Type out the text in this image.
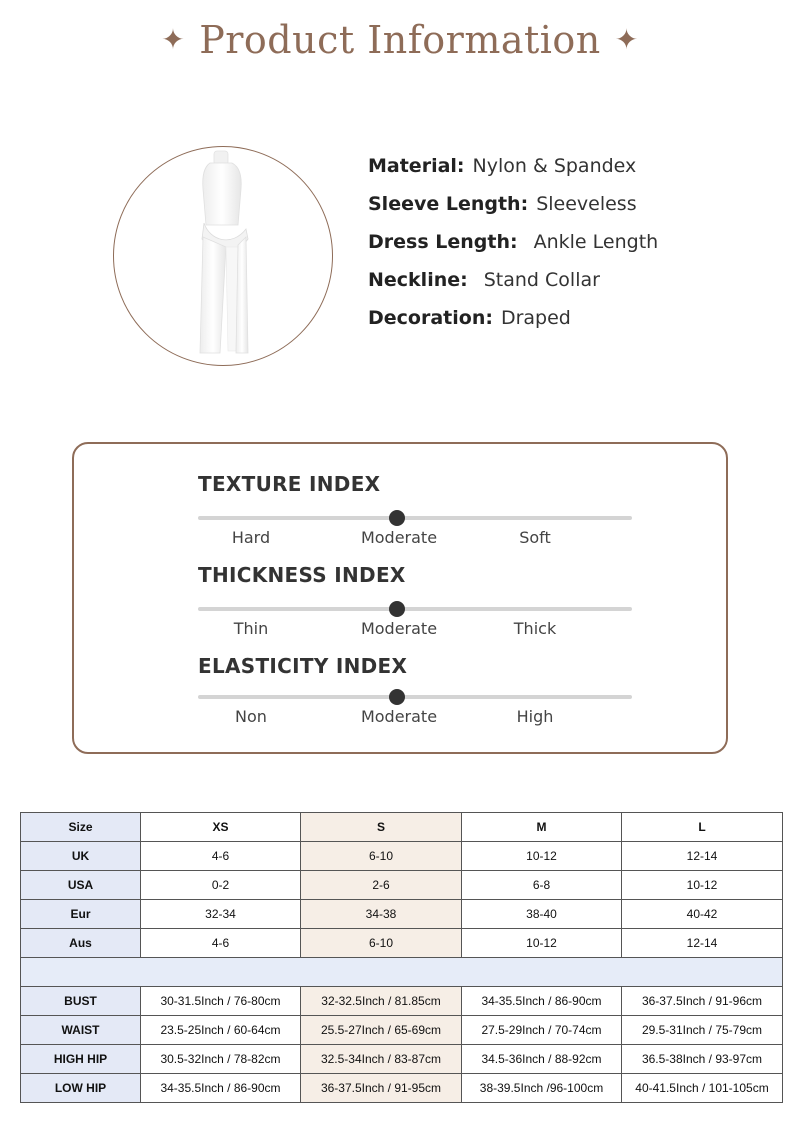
✦ Product Information ✦
Material: Nylon & Spandex
Sleeve Length: Sleeveless
Dress Length: Ankle Length
Neckline: Stand Collar
Decoration: Draped
TEXTURE INDEX
Hard	Moderate	Soft
THICKNESS INDEX
Thin	Moderate	Thick
ELASTICITY INDEX
Non	Moderate	High
Size	XS	S	M	L
UK	4-6	6-10	10-12	12-14
USA	0-2	2-6	6-8	10-12
Eur	32-34	34-38	38-40	40-42
Aus	4-6	6-10	10-12	12-14

BUST	30-31.5Inch / 76-80cm	32-32.5Inch / 81.85cm	34-35.5Inch / 86-90cm	36-37.5Inch / 91-96cm
WAIST	23.5-25Inch / 60-64cm	25.5-27Inch / 65-69cm	27.5-29Inch / 70-74cm	29.5-31Inch / 75-79cm
HIGH HIP	30.5-32Inch / 78-82cm	32.5-34Inch / 83-87cm	34.5-36Inch / 88-92cm	36.5-38Inch / 93-97cm
LOW HIP	34-35.5Inch / 86-90cm	36-37.5Inch / 91-95cm	38-39.5Inch /96-100cm	40-41.5Inch / 101-105cm
